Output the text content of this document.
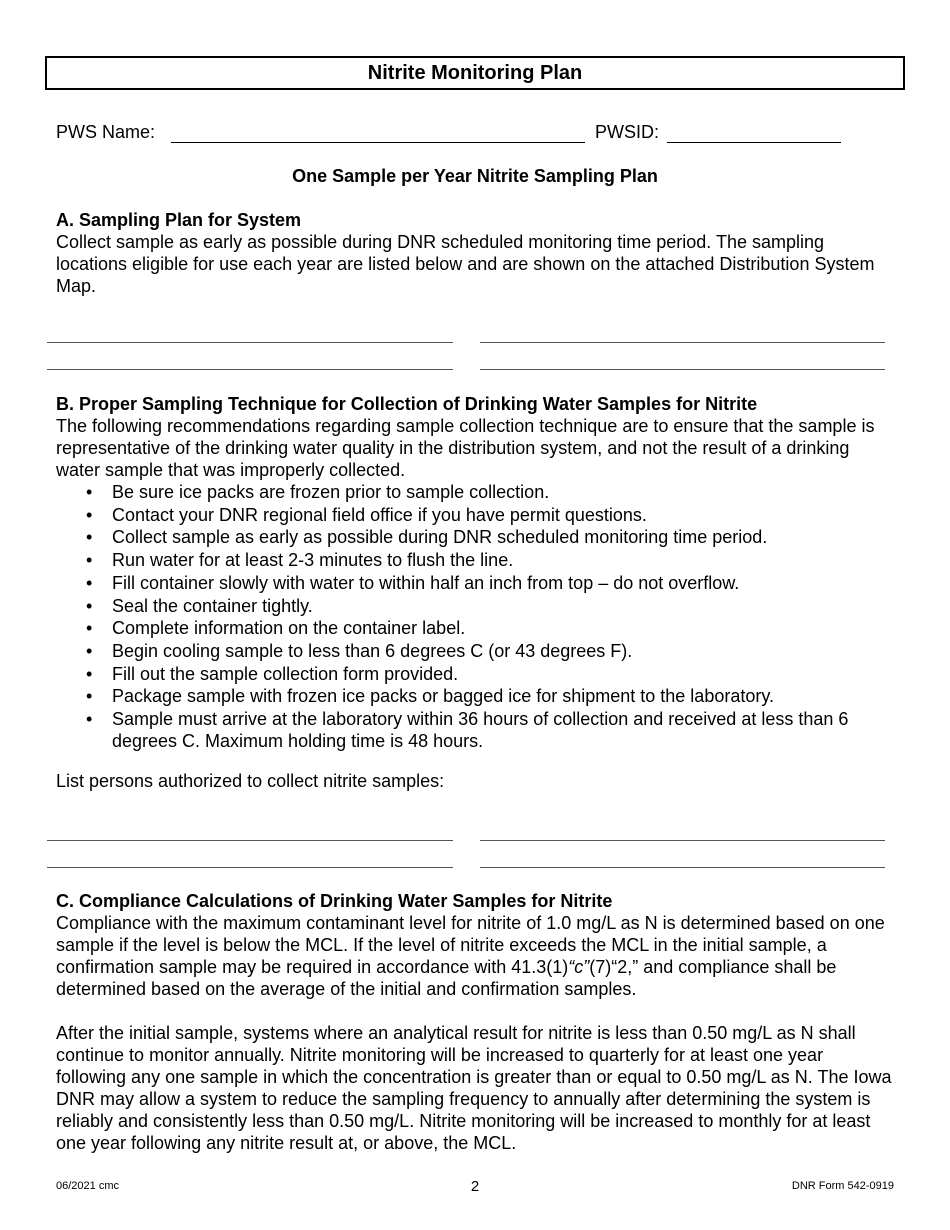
Nitrite Monitoring Plan
PWS Name:	PWSID:
One Sample per Year Nitrite Sampling Plan
A. Sampling Plan for System

Collect sample as early as possible during DNR scheduled monitoring time period. The sampling locations eligible for use each year are listed below and are shown on the attached Distribution System Map.

B. Proper Sampling Technique for Collection of Drinking Water Samples for Nitrite

The following recommendations regarding sample collection technique are to ensure that the sample is representative of the drinking water quality in the distribution system, and not the result of a drinking water sample that was improperly collected.

• Be sure ice packs are frozen prior to sample collection.
• Contact your DNR regional field office if you have permit questions.
• Collect sample as early as possible during DNR scheduled monitoring time period.
• Run water for at least 2-3 minutes to flush the line.
• Fill container slowly with water to within half an inch from top – do not overflow.
• Seal the container tightly.
• Complete information on the container label.
• Begin cooling sample to less than 6 degrees C (or 43 degrees F).
• Fill out the sample collection form provided.
• Package sample with frozen ice packs or bagged ice for shipment to the laboratory.
• Sample must arrive at the laboratory within 36 hours of collection and received at less than 6 degrees C. Maximum holding time is 48 hours.

List persons authorized to collect nitrite samples:

C. Compliance Calculations of Drinking Water Samples for Nitrite

Compliance with the maximum contaminant level for nitrite of 1.0 mg/L as N is determined based on one sample if the level is below the MCL. If the level of nitrite exceeds the MCL in the initial sample, a confirmation sample may be required in accordance with 41.3(1)“c”(7)“2,” and compliance shall be determined based on the average of the initial and confirmation samples.

After the initial sample, systems where an analytical result for nitrite is less than 0.50 mg/L as N shall continue to monitor annually. Nitrite monitoring will be increased to quarterly for at least one year following any one sample in which the concentration is greater than or equal to 0.50 mg/L as N. The Iowa DNR may allow a system to reduce the sampling frequency to annually after determining the system is reliably and consistently less than 0.50 mg/L. Nitrite monitoring will be increased to monthly for at least one year following any nitrite result at, or above, the MCL.

06/2021 cmc	2	DNR Form 542-0919
